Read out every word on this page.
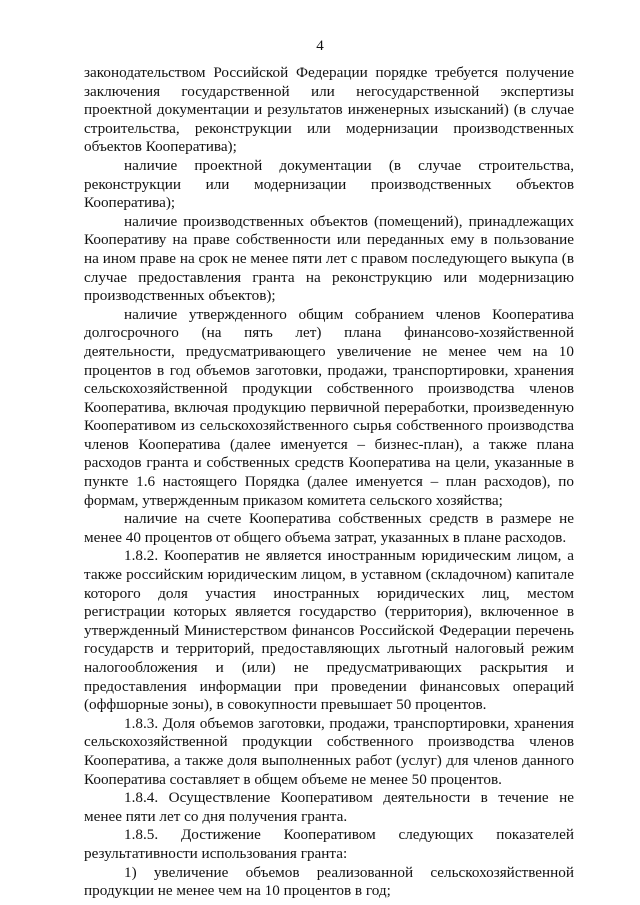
4

законодательством Российской Федерации порядке требуется получение заключения государственной или негосударственной экспертизы проектной документации и результатов инженерных изысканий) (в случае строительства, реконструкции или модернизации производственных объектов Кооператива);

наличие проектной документации (в случае строительства, реконструкции или модернизации производственных объектов Кооператива);

наличие производственных объектов (помещений), принадлежащих Кооперативу на праве собственности или переданных ему в пользование на ином праве на срок не менее пяти лет с правом последующего выкупа (в случае предоставления гранта на реконструкцию или модернизацию производственных объектов);

наличие утвержденного общим собранием членов Кооператива долгосрочного (на пять лет) плана финансово-хозяйственной деятельности, предусматривающего увеличение не менее чем на 10 процентов в год объемов заготовки, продажи, транспортировки, хранения сельскохозяйственной продукции собственного производства членов Кооператива, включая продукцию первичной переработки, произведенную Кооперативом из сельскохозяйственного сырья собственного производства членов Кооператива (далее именуется – бизнес-план), а также плана расходов гранта и собственных средств Кооператива на цели, указанные в пункте 1.6 настоящего Порядка (далее именуется – план расходов), по формам, утвержденным приказом комитета сельского хозяйства;

наличие на счете Кооператива собственных средств в размере не менее 40 процентов от общего объема затрат, указанных в плане расходов.

1.8.2. Кооператив не является иностранным юридическим лицом, а также российским юридическим лицом, в уставном (складочном) капитале которого доля участия иностранных юридических лиц, местом регистрации которых является государство (территория), включенное в утвержденный Министерством финансов Российской Федерации перечень государств и территорий, предоставляющих льготный налоговый режим налогообложения и (или) не предусматривающих раскрытия и предоставления информации при проведении финансовых операций (оффшорные зоны), в совокупности превышает 50 процентов.

1.8.3. Доля объемов заготовки, продажи, транспортировки, хранения сельскохозяйственной продукции собственного производства членов Кооператива, а также доля выполненных работ (услуг) для членов данного Кооператива составляет в общем объеме не менее 50 процентов.

1.8.4. Осуществление Кооперативом деятельности в течение не менее пяти лет со дня получения гранта.

1.8.5. Достижение Кооперативом следующих показателей результативности использования гранта:

1) увеличение объемов реализованной сельскохозяйственной продукции не менее чем на 10 процентов в год;
